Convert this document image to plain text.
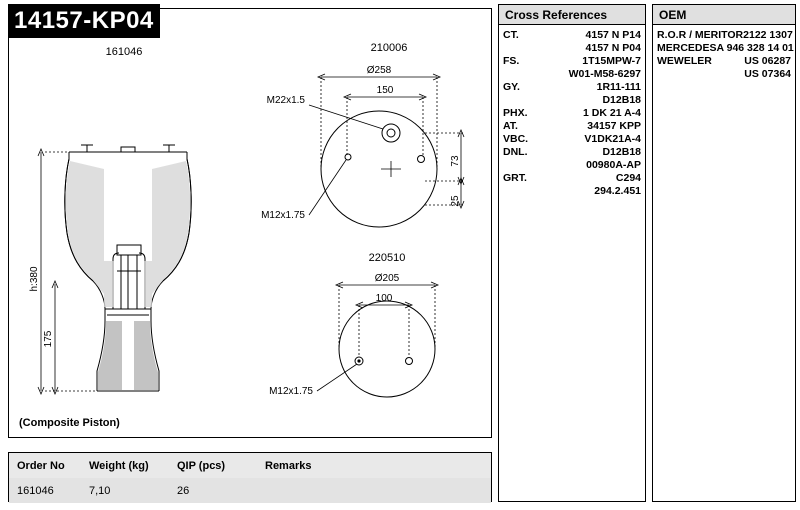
14157-KP04
161046
h:380
175
210006
Ø258
150
M22x1.5
M12x1.75
73
25
220510
Ø205
100
M12x1.75
(Composite Piston)
Order No	Weight (kg)	QIP (pcs)	Remarks
161046	7,10	26
Cross References
CT.	4157 N P14
4157 N P04
FS.	1T15MPW-7
W01-M58-6297
GY.	1R11-111
D12B18
PHX.	1 DK 21 A-4
AT.	34157 KPP
VBC.	V1DK21A-4
DNL.	D12B18
00980A-AP
GRT.	C294
294.2.451
OEM
R.O.R / MERITOR 2122 1307
MERCEDES A 946 328 14 01
WEWELER	US 06287
US 07364
